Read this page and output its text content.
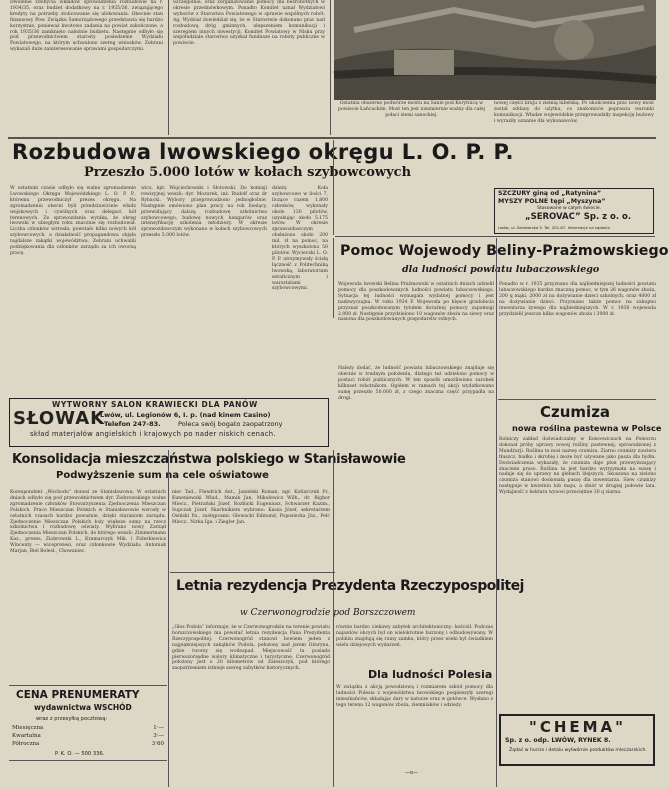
Dwolenie zdobycia wkładów sprowadzenia rozbudowie na r. 1934/35, oraz budżet dodatkowy na r. 1935/36, związującego kredyty na potrzeby stolicowanie się ulokowania. Obecnie stan finansowy Pow. Związku Samorządowego przedstawia się bardzo korzystnie, ponieważ kwotowo zadania na powiat zakończone, a rok 1935/36 zamknięto należnie budżetu. Następnie odbyło się pod przewodnictwem starosty posiedzenie Wydziału Powiatowego, na którym uchwalono szereg wniosków. Zebrani wykazali duże zainteresowanie sprawami gospodarczymi.
Szczególnie, oraz zorganizowanie pomocy dla bezrobotnych w okresie przednówkowym. Ponadto Komitet uznał Wydziałowi wyborów z Starostwa Powiatowego w sprawie wspólnych robót. Ag. Wydział dowiedział się, że w Starostwie dokonano prac nad rozbudową dróg gminnych, ulepszeniem komunikacji i szeregiem innych inwestycji. Komitet Powiatowy w Nisku przy współudziale starostwa uzyskał fundusze na roboty publiczne w powiecie.
Ostatnia obszerne podwórze mostu na Sanie pod Korytnicą w powiecie Łańcuckim. Most ten jest niezmiernie ważny dla całej połaci ziemi sanockiej.
nowej części kraju z ziemią lubelską. Po ukończeniu prac nowy most został oddany do użytku, co znakomicie poprawia warunki komunikacji. Władze wojewódzkie przeprowadziły inspekcję budowy i wyraziły uznanie dla wykonawców.
Rozbudowa lwowskiego okręgu L. O. P. P.
Przeszło 5.000 lotów w kołach szybowcowych
W ostatnim czasie odbyło się walne zgromadzenie Lwowskiego Okręgu Wojewódzkiego L. O. P. P., któremu przewodniczył prezes okręgu. Na zgromadzeniu obecni byli przedstawiciele władz wojskowych i cywilnych oraz delegaci kół terenowych. Ze sprawozdania wynika, że okręg lwowski w ubiegłym roku znacznie się rozbudował. Liczba członków wzrosła, powstało kilka nowych kół szybowcowych, a działalność propagandowa objęła najdalsze zakątki województwa. Zebrani uchwalili podziękowania dla członków zarządu za ich owocną pracę.
wicz, kpt. Wojciechowski i Słotowski. Do komisji rewizyjnej weszli: dyr. Mozurek, inż. Rudolf oraz dr Rybacki. Wybory przeprowadzono jednogłośnie. Następnie omówiono plan pracy na rok bieżący, przewidujący dalszą rozbudowę szkolnictwa szybowcowego, budowę nowych hangarów oraz intensyfikację szkolenia młodzieży. W okresie sprawozdawczym wykonano w kołach szybowcowych przeszło 5.000 lotów.
dzieży. Koła szybowcowe w ilości 7, liczące razem 1.800 członków, wykonały około 130 pilotów, uzyskując około 5.175 lotów. W okresie sprawozdawczym obsłużono około 200 mil. zł na pomoc, na których wyszkolono 50 pilotów. Wycieczki L. O. P. P. utrzymywały ścisłą łączność z Politechniką lwowską, laboratorium seraficznym i warsztatami szybowcowymi.
SZCZURY giną od „Ratynina”
MYSZY POLNE tępi „Myszyna”
Stosowane w całym świecie.
„SEROVAC” Sp. z o. o.
Lwów, ul. Senatorska 5. Tel. 201-87. Informacje na żądanie
WYTWORNY SALON KRAWIECKI DLA PANÓW
SŁOWAK
Lwów, ul. Legionów 6, I. p. (nad kinem Casino)
Telefon 247-83.	Poleca swój bogato zaopatrzony
skład materjałów angielskich i krajowych po nader niskich cenach.
Pomoc Wojewody Beliny-Prażmowskiego
dla ludności powiatu lubaczowskiego
Wojewoda lwowski Belina Prażmowski w ostatnich dniach udzielił pomocy dla poszkodowanych ludności powiatu lubaczowskiego. Sytuacja tej ludności wymagała wydatnej pomocy i jest nadzwyczajna. W roku 1934 P. Wojewoda po klęsce gradobicia przyznał poszkodowanym tytułem doraźnej pomocy zapomogi 2.000 zł. Następnie przydzielono 10 wagonów zboża na siewy oraz nasiona dla poszkodowanych gospodarstw rolnych.
Ponadto w r. 1935 przyznano dla najbiedniejszej ludności powiatu lubaczowskiego bardzo znaczną pomoc, w tym 26 wagonów zboża, 200 q mąki, 2000 zł na dożywianie dzieci szkolnych, oraz 4000 zł na dożywianie dzieci. Przyznano także pomoc na zakupno inwentarza żywego dla najbiedniejszych. W r. 1936 wojewoda przydzielił jeszcze kilka wagonów zboża i 3000 zł.
Należy dodać, że ludność powiatu lubaczowskiego znajduje się obecnie w trudnym położeniu, dlatego też udzielono pomocy w postaci robót publicznych. W ten sposób umożliwiono zarobek kilkuset robotnikom. Ogółem w ramach tej akcji wydatkowano sumę przeszło 50.000 zł, z czego znaczna część przypadła na drogi.
Konsolidacja mieszczaństwa polskiego w Stanisławowie
Podwyższenie sum na cele oświatowe
Korespondent „Wschodu” donosi ze Stanisławowa: W ostatnich dniach odbyło się pod przewodnictwem dyr. Ziobrowskiego walne zgromadzenie członków Stowarzyszenia Zjednoczenia Mieszczan Polskich. Prace Mieszczan Polskich w Stanisławowie wzrosły w ostatnich czasach bardzo poważnie, dzięki staraniom zarządu. Zjednoczenie Mieszczan Polskich łoży większe sumy na rzecz szkolnictwa i rozbudowę oświaty. Wybrano nowy Zarząd Zjednoczenia Mieszczan Polskich, do którego weszli: Zimmermann Kaz., prezes, Ziobrowski L., Kramarczyk Mik. i Fiderkiewicz Wincenty — wiceprezesi, oraz członkowie Wydziału: Antoniak Marjan, Biel Bolesł., Chowaniec.
niec Tad., Flendrich Ant., Janiełski Roman, ngr. Kotlarczuk Fr., Kuneniewski Wład., Mamik Jan, Mikulewicz Wilh., dr. Righor Miecz., Pietrański Józef, Rozbicki Eugeniusz, Schwarzer Kazim., Supczak Józef. Skarbnikiem wybrano: Kasza Józef, sekretarzem Osiński Pa., zastępcami: Głowacki Edmund, Poposiecka Józ., Pelc Miecz., Nirka Iga. i Ziegler Jan.
Letnia rezydencja Prezydenta Rzeczypospolitej
w Czerwonogrodzie pod Borszczowem
„Głos Podola” informuje, że w Czerwonogrodzie na terenie powiatu borszczowskiego ma powstać letnia rezydencja Pana Prezydenta Rzeczypospolitej. Czerwonogród stanowi bowiem jeden z najpiękniejszych zakątków Podola, położony nad jarem Dżurynu, gdzie tworzy się wodospad. Miejscowość ta posiada pierwszorzędne walory klimatyczne i turystyczne. Czerwonogród położony jest o 20 kilometrów od Zaleszczyk, pod którego zaopatrzeniem istnieje szereg zabytków historycznych.
równie bardzo ciekawy zabytek architektoniczny: kościół. Podczas najazdów obcych był on wielokrotnie burzony i odbudowywany. W pobliżu znajdują się ruiny zamku, który przez wieki był świadkiem wielu dziejowych wydarzeń.
Dla ludności Polesia
W związku z akcją powodziową i rozmiarem szkód pomocy dla ludności Polesia z województwa lwowskiego pospieszyły szeregi mieszkańców, składając dary w naturze oraz w gotówce. Wysłano z tego terenu 12 wagonów zboża, ziemniaków i odzieży.
—o—
CENA PRENUMERATY
wydawnictwa WSCHÓD
wraz z przesyłką pocztową:
Miesięczna	1·—
Kwartalna	3·—
Półroczna	3·60
P. K. O. — 500 336.
Czumiza
nowa roślina pastewna w Polsce
Rolniczy zakład doświadczalny w Koncewiczach na Pomorzu dokonał próby uprawy nowej rośliny pastewnej, sprowadzonej z Mandżurji. Roślina ta nosi nazwę czumiza. Ziarno czumizy zawiera tłuszcz, białko i skrobię i może być używane jako pasza dla bydła. Doświadczenia wykazały, że czumiza daje plon przewyższający znacznie proso. Roślina ta jest bardzo wytrzymała na suszę i nadaje się do uprawy na glebach lżejszych. Skoszona na zielono czumiza stanowi doskonałą paszę dla inwentarza. Siew czumizy następuje w kwietniu lub maju, a zbiór w drugiej połowie lata. Wydajność z hektara wynosi przeciętnie 30 q ziarna.
"CHEMA"
Sp. z o. odp. LWÓW, RYNEK 8.
Żądać w hurcie i detalu wytwórnie produktów mleczarskich.
